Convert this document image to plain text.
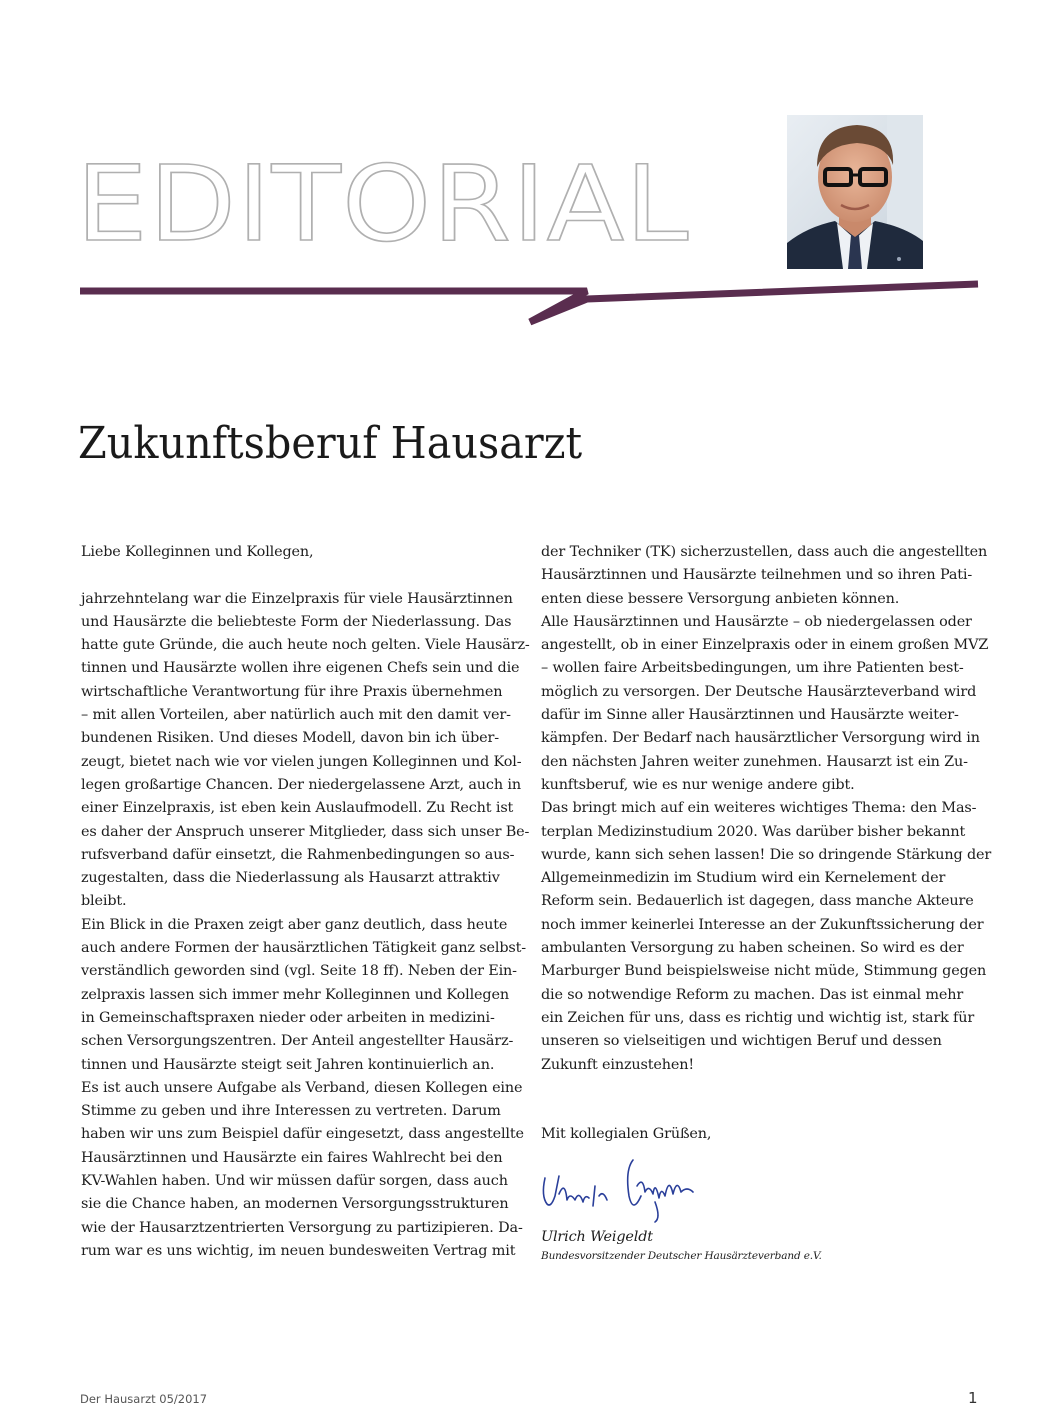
EDITORIAL
Zukunftsberuf Hausarzt
Liebe Kolleginnen und Kollegen,
jahrzehntelang war die Einzelpraxis für viele Hausärztinnen
und Hausärzte die beliebteste Form der Niederlassung. Das
hatte gute Gründe, die auch heute noch gelten. Viele Hausärz-
tinnen und Hausärzte wollen ihre eigenen Chefs sein und die
wirtschaftliche Verantwortung für ihre Praxis übernehmen
– mit allen Vorteilen, aber natürlich auch mit den damit ver-
bundenen Risiken. Und dieses Modell, davon bin ich über-
zeugt, bietet nach wie vor vielen jungen Kolleginnen und Kol-
legen großartige Chancen. Der niedergelassene Arzt, auch in
einer Einzelpraxis, ist eben kein Auslaufmodell. Zu Recht ist
es daher der Anspruch unserer Mitglieder, dass sich unser Be-
rufsverband dafür einsetzt, die Rahmenbedingungen so aus-
zugestalten, dass die Niederlassung als Hausarzt attraktiv
bleibt.
Ein Blick in die Praxen zeigt aber ganz deutlich, dass heute
auch andere Formen der hausärztlichen Tätigkeit ganz selbst-
verständlich geworden sind (vgl. Seite 18 ff). Neben der Ein-
zelpraxis lassen sich immer mehr Kolleginnen und Kollegen
in Gemeinschaftspraxen nieder oder arbeiten in medizini-
schen Versorgungszentren. Der Anteil angestellter Hausärz-
tinnen und Hausärzte steigt seit Jahren kontinuierlich an.
Es ist auch unsere Aufgabe als Verband, diesen Kollegen eine
Stimme zu geben und ihre Interessen zu vertreten. Darum
haben wir uns zum Beispiel dafür eingesetzt, dass angestellte
Hausärztinnen und Hausärzte ein faires Wahlrecht bei den
KV-Wahlen haben. Und wir müssen dafür sorgen, dass auch
sie die Chance haben, an modernen Versorgungsstrukturen
wie der Hausarztzentrierten Versorgung zu partizipieren. Da-
rum war es uns wichtig, im neuen bundesweiten Vertrag mit
der Techniker (TK) sicherzustellen, dass auch die angestellten
Hausärztinnen und Hausärzte teilnehmen und so ihren Pati-
enten diese bessere Versorgung anbieten können.
Alle Hausärztinnen und Hausärzte – ob niedergelassen oder
angestellt, ob in einer Einzelpraxis oder in einem großen MVZ
– wollen faire Arbeitsbedingungen, um ihre Patienten best-
möglich zu versorgen. Der Deutsche Hausärzteverband wird
dafür im Sinne aller Hausärztinnen und Hausärzte weiter-
kämpfen. Der Bedarf nach hausärztlicher Versorgung wird in
den nächsten Jahren weiter zunehmen. Hausarzt ist ein Zu-
kunftsberuf, wie es nur wenige andere gibt.
Das bringt mich auf ein weiteres wichtiges Thema: den Mas-
terplan Medizinstudium 2020. Was darüber bisher bekannt
wurde, kann sich sehen lassen! Die so dringende Stärkung der
Allgemeinmedizin im Studium wird ein Kernelement der
Reform sein. Bedauerlich ist dagegen, dass manche Akteure
noch immer keinerlei Interesse an der Zukunftssicherung der
ambulanten Versorgung zu haben scheinen. So wird es der
Marburger Bund beispielsweise nicht müde, Stimmung gegen
die so notwendige Reform zu machen. Das ist einmal mehr
ein Zeichen für uns, dass es richtig und wichtig ist, stark für
unseren so vielseitigen und wichtigen Beruf und dessen
Zukunft einzustehen!
Mit kollegialen Grüßen,
Ulrich Weigeldt
Bundesvorsitzender Deutscher Hausärzteverband e.V.
Der Hausarzt 05/2017	1
